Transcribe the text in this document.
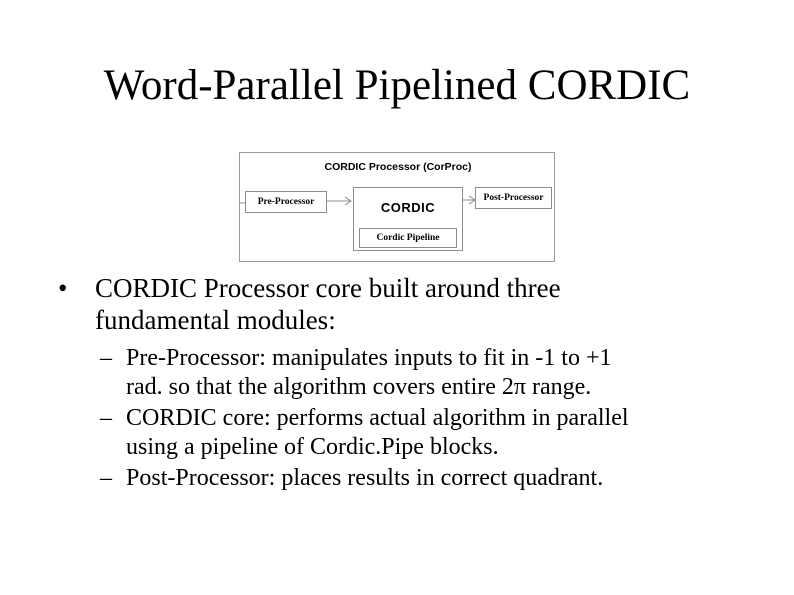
Word-Parallel Pipelined CORDIC
CORDIC Processor (CorProc)
Pre-Processor	CORDIC
Cordic Pipeline
Post-Processor
• CORDIC Processor core built around three
fundamental modules:
– Pre-Processor: manipulates inputs to fit in -1 to +1
rad. so that the algorithm covers entire 2π range.
– CORDIC core: performs actual algorithm in parallel
using a pipeline of Cordic.Pipe blocks.
– Post-Processor: places results in correct quadrant.
